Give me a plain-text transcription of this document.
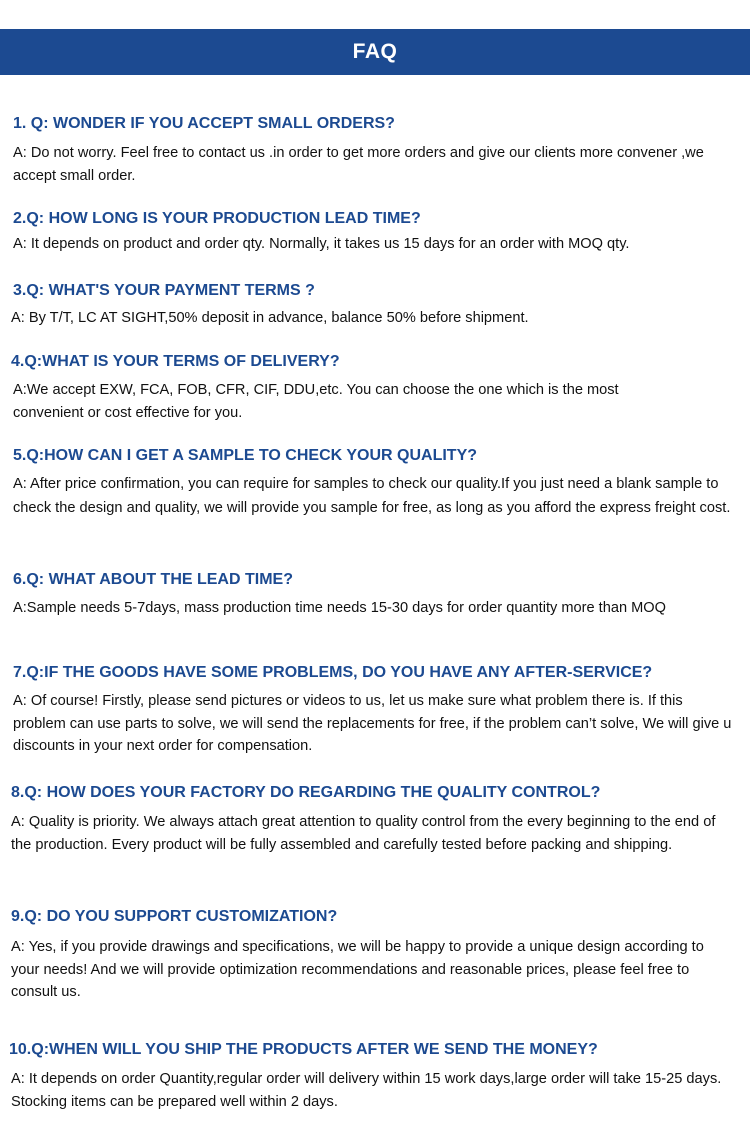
FAQ
1. Q: WONDER IF YOU ACCEPT SMALL ORDERS?
A: Do not worry. Feel free to contact us .in order to get more orders and give our clients more convener ,we accept small order.
2.Q: HOW LONG IS YOUR PRODUCTION LEAD TIME?
A: It depends on product and order qty. Normally, it takes us 15 days for an order with MOQ qty.
3.Q: WHAT'S YOUR PAYMENT TERMS ?
A: By T/T, LC AT SIGHT,50% deposit in advance, balance 50% before shipment.
4.Q:WHAT IS YOUR TERMS OF DELIVERY?
A:We accept EXW, FCA, FOB, CFR, CIF, DDU,etc. You can choose the one which is the most convenient or cost effective for you.
5.Q:HOW CAN I GET A SAMPLE TO CHECK YOUR QUALITY?
A: After price confirmation, you can require for samples to check our quality.If you just need a blank sample to check the design and quality, we will provide you sample for free, as long as you afford the express freight cost.
6.Q: WHAT ABOUT THE LEAD TIME?
A:Sample needs 5-7days, mass production time needs 15-30 days for order quantity more than MOQ
7.Q:IF THE GOODS HAVE SOME PROBLEMS, DO YOU HAVE ANY AFTER-SERVICE?
A: Of course! Firstly, please send pictures or videos to us, let us make sure what problem there is. If this problem can use parts to solve, we will send the replacements for free, if the problem can’t solve, We will give u discounts in your next order for compensation.
8.Q: HOW DOES YOUR FACTORY DO REGARDING THE QUALITY CONTROL?
A: Quality is priority. We always attach great attention to quality control from the every beginning to the end of the production. Every product will be fully assembled and carefully tested before packing and shipping.
9.Q: DO YOU SUPPORT CUSTOMIZATION?
A: Yes, if you provide drawings and specifications, we will be happy to provide a unique design according to your needs! And we will provide optimization recommendations and reasonable prices, please feel free to consult us.
10.Q:WHEN WILL YOU SHIP THE PRODUCTS AFTER WE SEND THE MONEY?
A: It depends on order Quantity,regular order will delivery within 15 work days,large order will take 15-25 days. Stocking items can be prepared well within 2 days.
